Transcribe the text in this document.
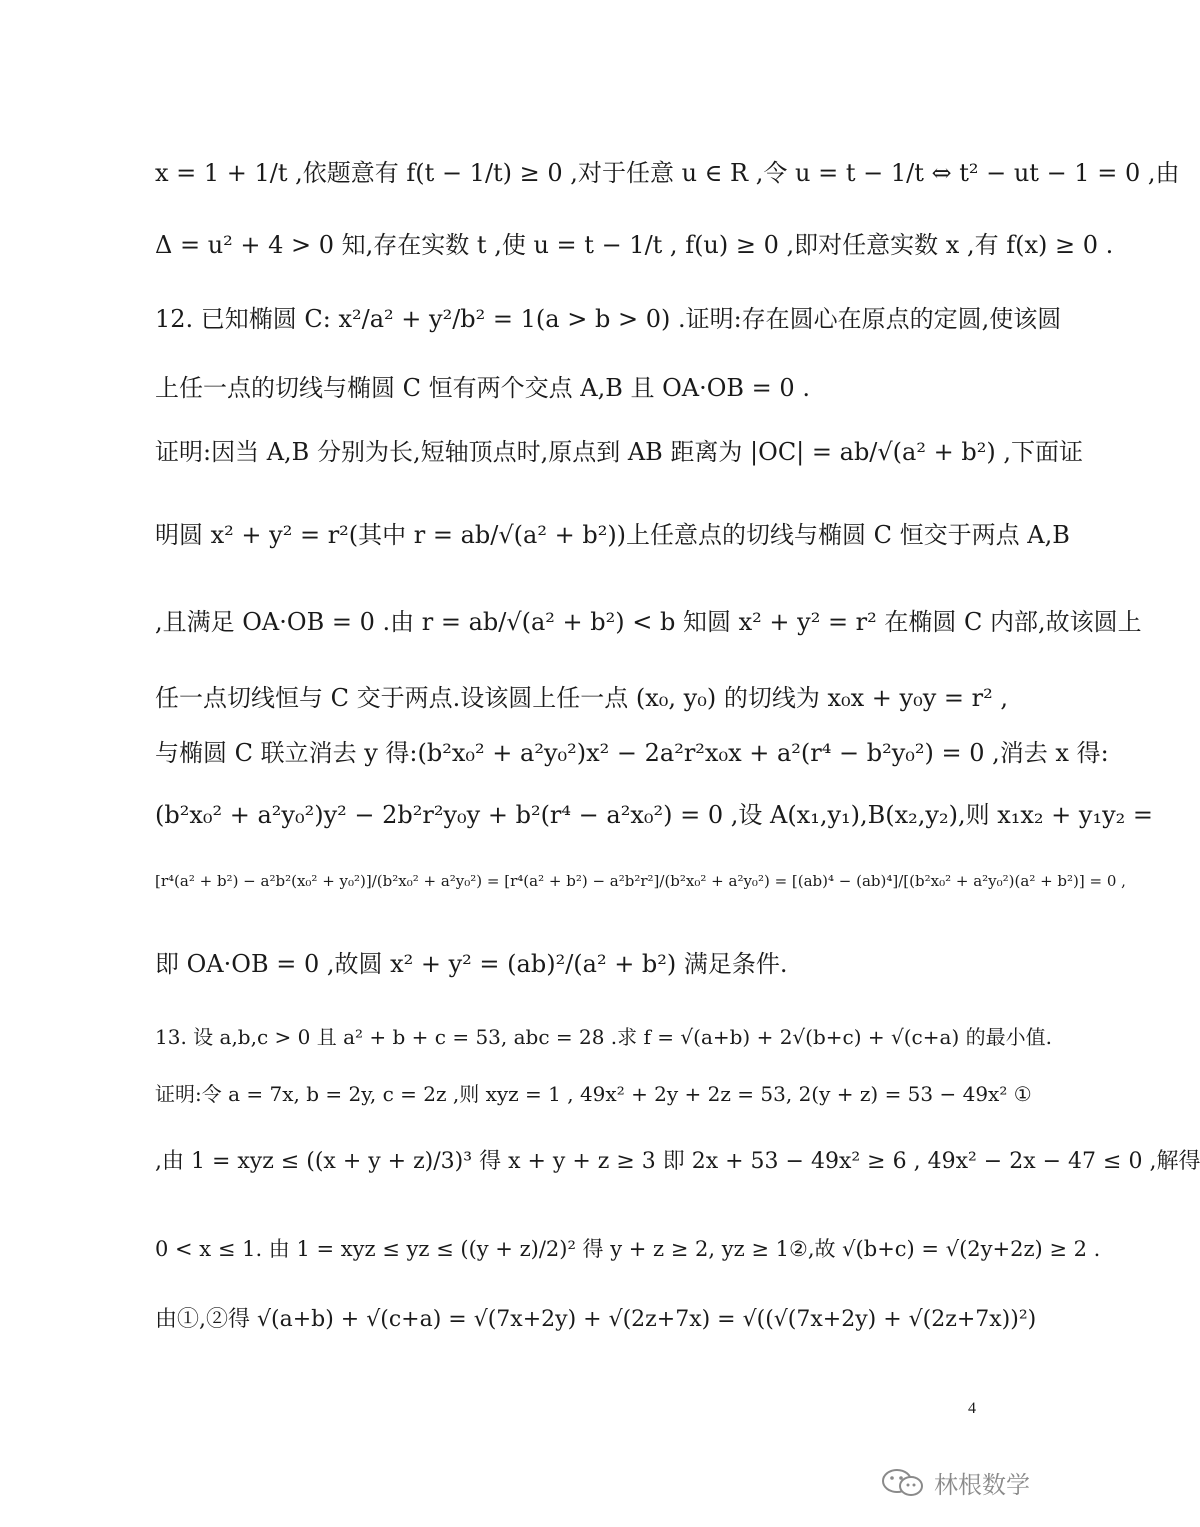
x = 1 + 1/t ,依题意有 f(t − 1/t) ≥ 0 ,对于任意 u ∈ R ,令 u = t − 1/t ⇔ t² − ut − 1 = 0 ,由
Δ = u² + 4 > 0 知,存在实数 t ,使 u = t − 1/t , f(u) ≥ 0 ,即对任意实数 x ,有 f(x) ≥ 0 .
12. 已知椭圆 C: x²/a² + y²/b² = 1(a > b > 0) .证明:存在圆心在原点的定圆,使该圆
上任一点的切线与椭圆 C 恒有两个交点 A,B 且 OA·OB = 0 .
证明:因当 A,B 分别为长,短轴顶点时,原点到 AB 距离为 |OC| = ab/√(a² + b²) ,下面证
明圆 x² + y² = r²(其中 r = ab/√(a² + b²))上任意点的切线与椭圆 C 恒交于两点 A,B
,且满足 OA·OB = 0 .由 r = ab/√(a² + b²) < b 知圆 x² + y² = r² 在椭圆 C 内部,故该圆上
任一点切线恒与 C 交于两点.设该圆上任一点 (x₀, y₀) 的切线为 x₀x + y₀y = r² ,
与椭圆 C 联立消去 y 得:(b²x₀² + a²y₀²)x² − 2a²r²x₀x + a²(r⁴ − b²y₀²) = 0 ,消去 x 得:
(b²x₀² + a²y₀²)y² − 2b²r²y₀y + b²(r⁴ − a²x₀²) = 0 ,设 A(x₁,y₁),B(x₂,y₂),则 x₁x₂ + y₁y₂ =
[r⁴(a² + b²) − a²b²(x₀² + y₀²)]/(b²x₀² + a²y₀²) = [r⁴(a² + b²) − a²b²r²]/(b²x₀² + a²y₀²) = [(ab)⁴ − (ab)⁴]/[(b²x₀² + a²y₀²)(a² + b²)] = 0 ,
即 OA·OB = 0 ,故圆 x² + y² = (ab)²/(a² + b²) 满足条件.
13. 设 a,b,c > 0 且 a² + b + c = 53, abc = 28 .求 f = √(a+b) + 2√(b+c) + √(c+a) 的最小值.
证明:令 a = 7x, b = 2y, c = 2z ,则 xyz = 1 , 49x² + 2y + 2z = 53, 2(y + z) = 53 − 49x² ①
,由 1 = xyz ≤ ((x + y + z)/3)³ 得 x + y + z ≥ 3 即 2x + 53 − 49x² ≥ 6 , 49x² − 2x − 47 ≤ 0 ,解得
0 < x ≤ 1. 由 1 = xyz ≤ yz ≤ ((y + z)/2)² 得 y + z ≥ 2, yz ≥ 1②,故 √(b+c) = √(2y+2z) ≥ 2 .
由①,②得 √(a+b) + √(c+a) = √(7x+2y) + √(2z+7x) = √((√(7x+2y) + √(2z+7x))²)
4
林根数学
